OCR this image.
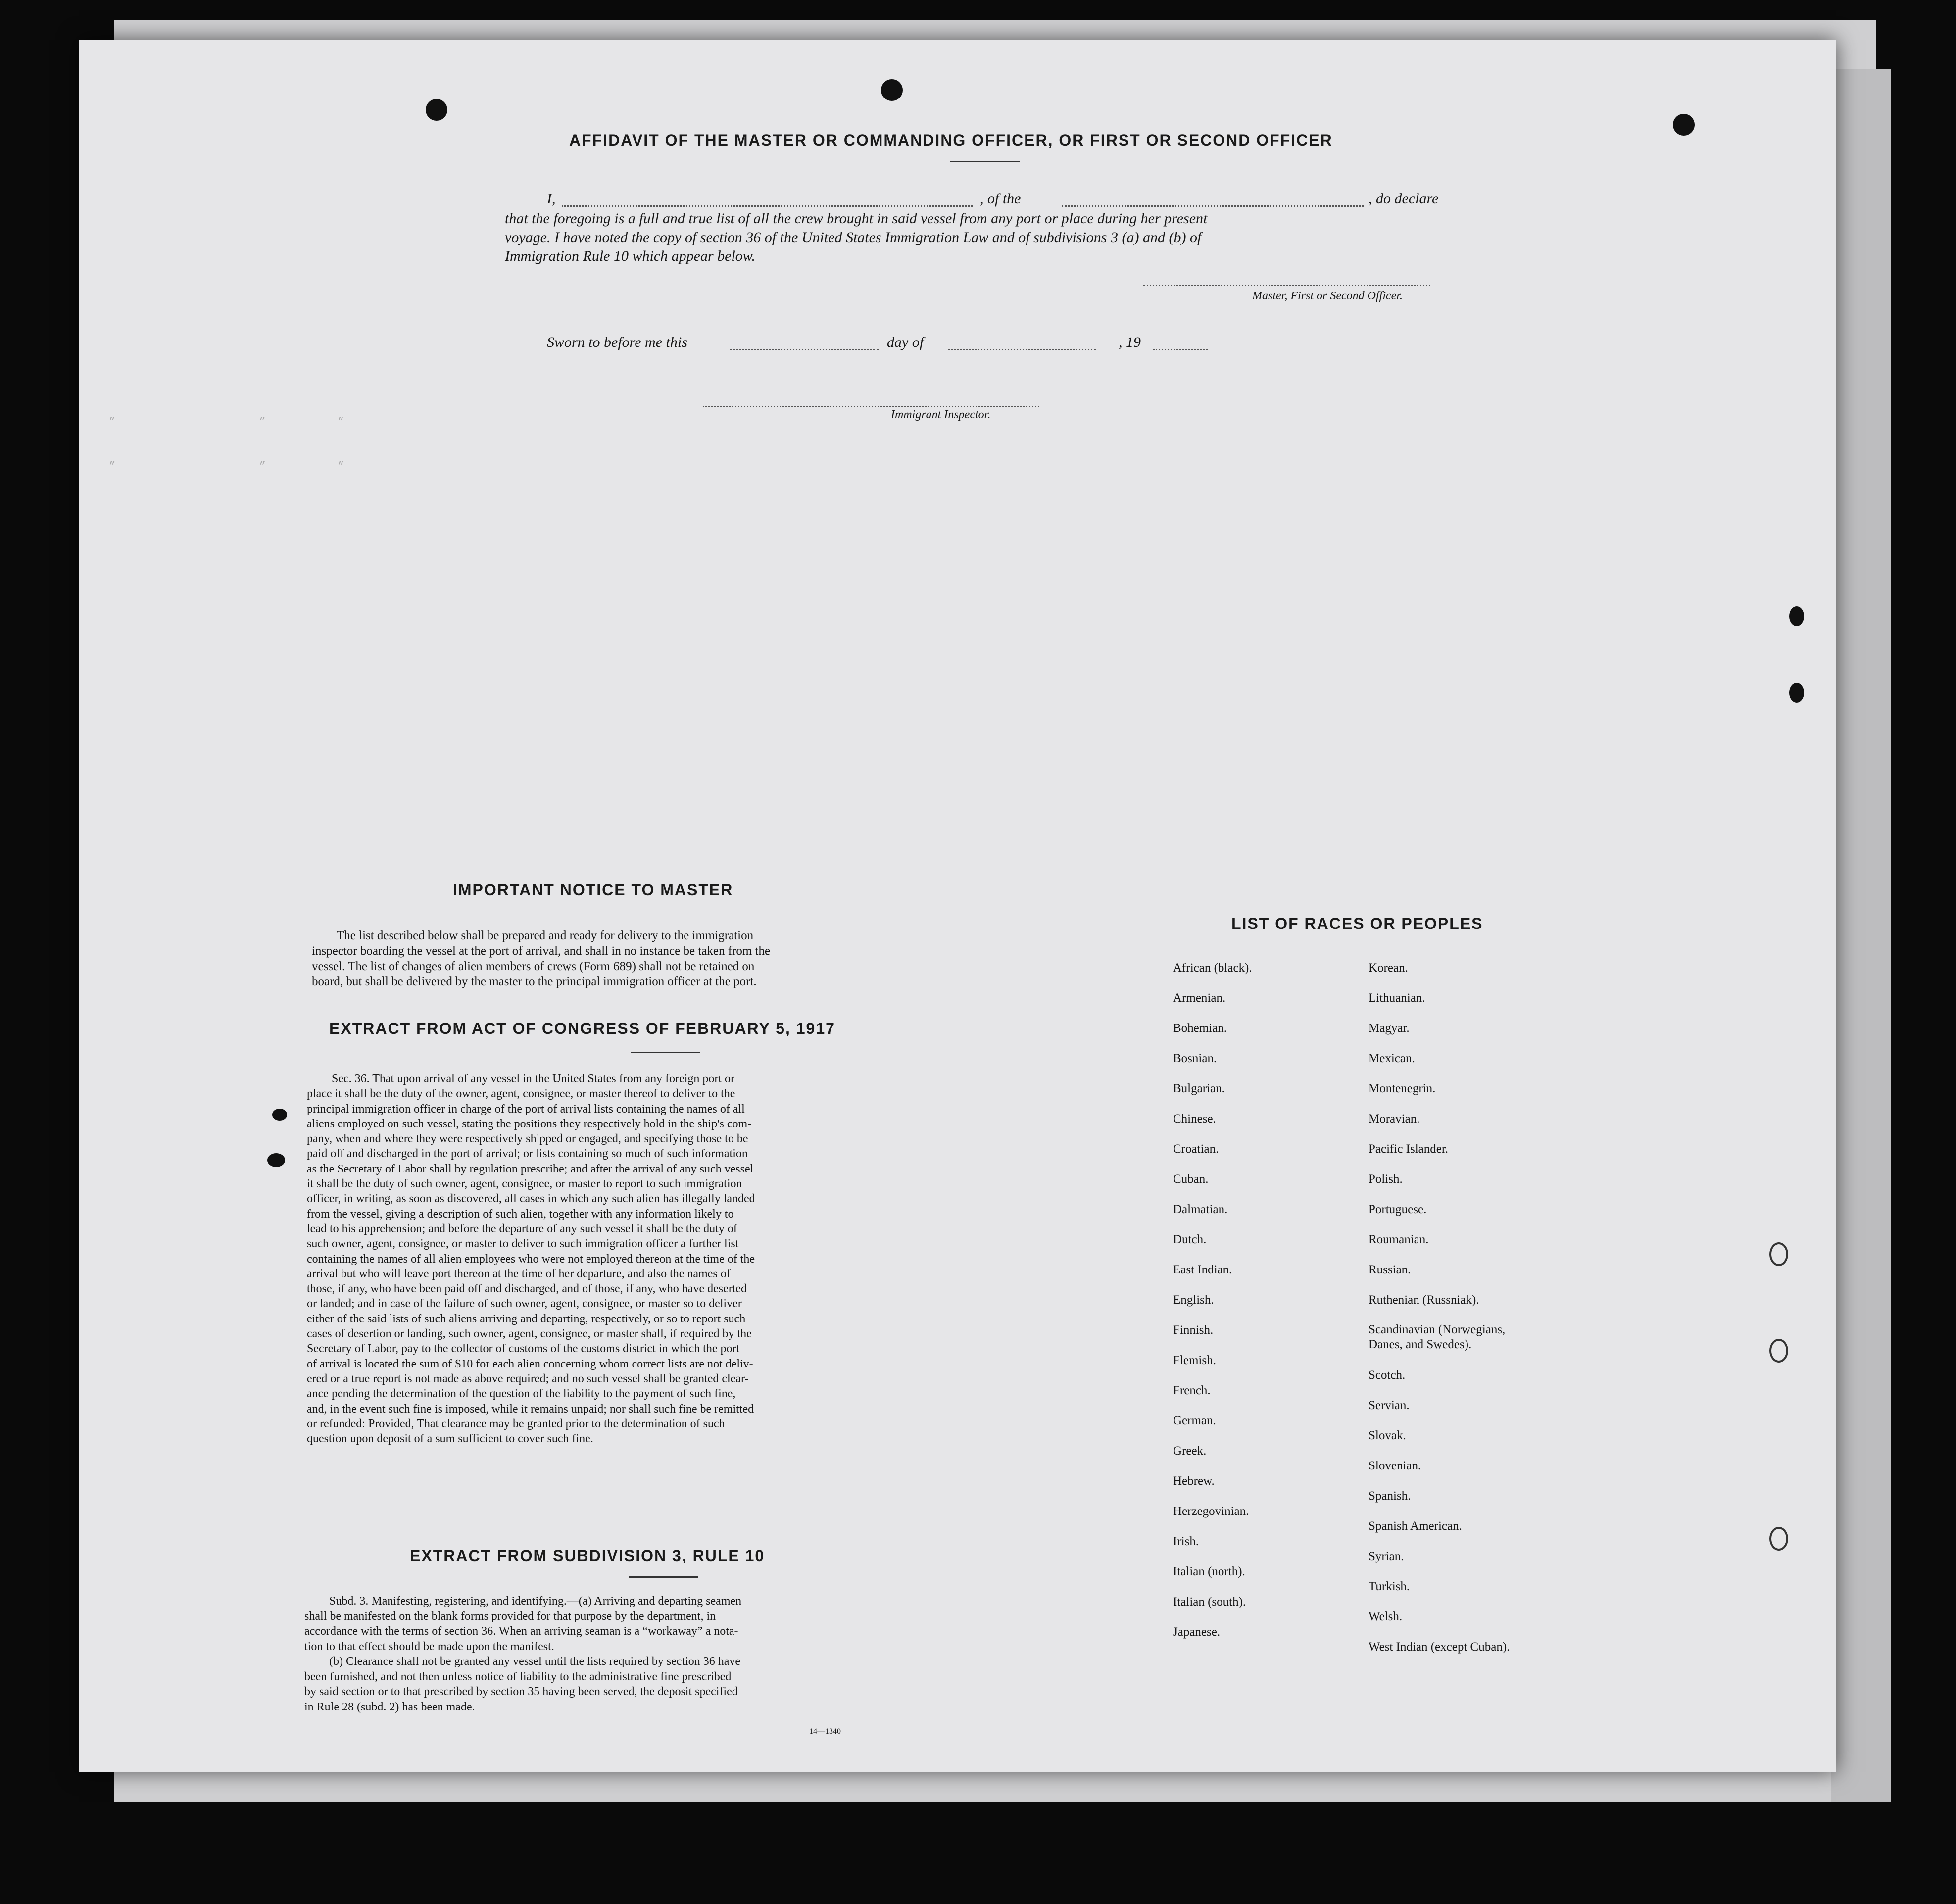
”                      ”           ”
”                      ”           ”
AFFIDAVIT OF THE MASTER OR COMMANDING OFFICER, OR FIRST OR SECOND OFFICER
I,	, of the	, do declare
that the foregoing is a full and true list of all the crew brought in said vessel from any port or place during her present
voyage. I have noted the copy of section 36 of the United States Immigration Law and of subdivisions 3 (a) and (b) of
Immigration Rule 10 which appear below.
Master, First or Second Officer.
Sworn to before me this	day of	, 19
Immigrant Inspector.
IMPORTANT NOTICE TO MASTER
The list described below shall be prepared and ready for delivery to the immigration
inspector boarding the vessel at the port of arrival, and shall in no instance be taken from the
vessel. The list of changes of alien members of crews (Form 689) shall not be retained on
board, but shall be delivered by the master to the principal immigration officer at the port.
EXTRACT FROM ACT OF CONGRESS OF FEBRUARY 5, 1917
Sec. 36. That upon arrival of any vessel in the United States from any foreign port or
place it shall be the duty of the owner, agent, consignee, or master thereof to deliver to the
principal immigration officer in charge of the port of arrival lists containing the names of all
aliens employed on such vessel, stating the positions they respectively hold in the ship's com-
pany, when and where they were respectively shipped or engaged, and specifying those to be
paid off and discharged in the port of arrival; or lists containing so much of such information
as the Secretary of Labor shall by regulation prescribe; and after the arrival of any such vessel
it shall be the duty of such owner, agent, consignee, or master to report to such immigration
officer, in writing, as soon as discovered, all cases in which any such alien has illegally landed
from the vessel, giving a description of such alien, together with any information likely to
lead to his apprehension; and before the departure of any such vessel it shall be the duty of
such owner, agent, consignee, or master to deliver to such immigration officer a further list
containing the names of all alien employees who were not employed thereon at the time of the
arrival but who will leave port thereon at the time of her departure, and also the names of
those, if any, who have been paid off and discharged, and of those, if any, who have deserted
or landed; and in case of the failure of such owner, agent, consignee, or master so to deliver
either of the said lists of such aliens arriving and departing, respectively, or so to report such
cases of desertion or landing, such owner, agent, consignee, or master shall, if required by the
Secretary of Labor, pay to the collector of customs of the customs district in which the port
of arrival is located the sum of $10 for each alien concerning whom correct lists are not deliv-
ered or a true report is not made as above required; and no such vessel shall be granted clear-
ance pending the determination of the question of the liability to the payment of such fine,
and, in the event such fine is imposed, while it remains unpaid; nor shall such fine be remitted
or refunded: Provided, That clearance may be granted prior to the determination of such
question upon deposit of a sum sufficient to cover such fine.
EXTRACT FROM SUBDIVISION 3, RULE 10
Subd. 3. Manifesting, registering, and identifying.—(a) Arriving and departing seamen
shall be manifested on the blank forms provided for that purpose by the department, in
accordance with the terms of section 36. When an arriving seaman is a “workaway” a nota-
tion to that effect should be made upon the manifest.
(b) Clearance shall not be granted any vessel until the lists required by section 36 have
been furnished, and not then unless notice of liability to the administrative fine prescribed
by said section or to that prescribed by section 35 having been served, the deposit specified
in Rule 28 (subd. 2) has been made.
14—1340
LIST OF RACES OR PEOPLES
African (black).
Armenian.
Bohemian.
Bosnian.
Bulgarian.
Chinese.
Croatian.
Cuban.
Dalmatian.
Dutch.
East Indian.
English.
Finnish.
Flemish.
French.
German.
Greek.
Hebrew.
Herzegovinian.
Irish.
Italian (north).
Italian (south).
Japanese.
Korean.
Lithuanian.
Magyar.
Mexican.
Montenegrin.
Moravian.
Pacific Islander.
Polish.
Portuguese.
Roumanian.
Russian.
Ruthenian (Russniak).
Scandinavian (Norwegians,
Danes, and Swedes).
Scotch.
Servian.
Slovak.
Slovenian.
Spanish.
Spanish American.
Syrian.
Turkish.
Welsh.
West Indian (except Cuban).
